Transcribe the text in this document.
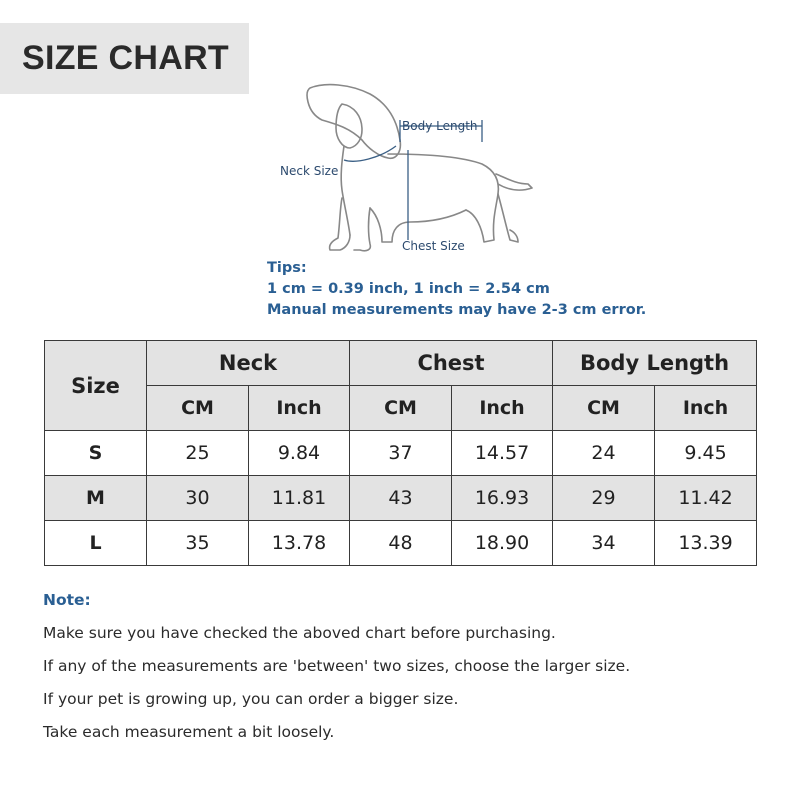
SIZE CHART
Body Length
Neck Size
Chest Size
Tips:
1 cm = 0.39 inch, 1 inch = 2.54 cm
Manual measurements may have 2-3 cm error.
Size	Neck		Chest		Body Length	
	CM	Inch	CM	Inch	CM	Inch
S	25	9.84	37	14.57	24	9.45
M	30	11.81	43	16.93	29	11.42
L	35	13.78	48	18.90	34	13.39
Note:
Make sure you have checked the aboved chart before purchasing.
If any of the measurements are 'between' two sizes, choose the larger size.
If your pet is growing up, you can order a bigger size.
Take each measurement a bit loosely.
